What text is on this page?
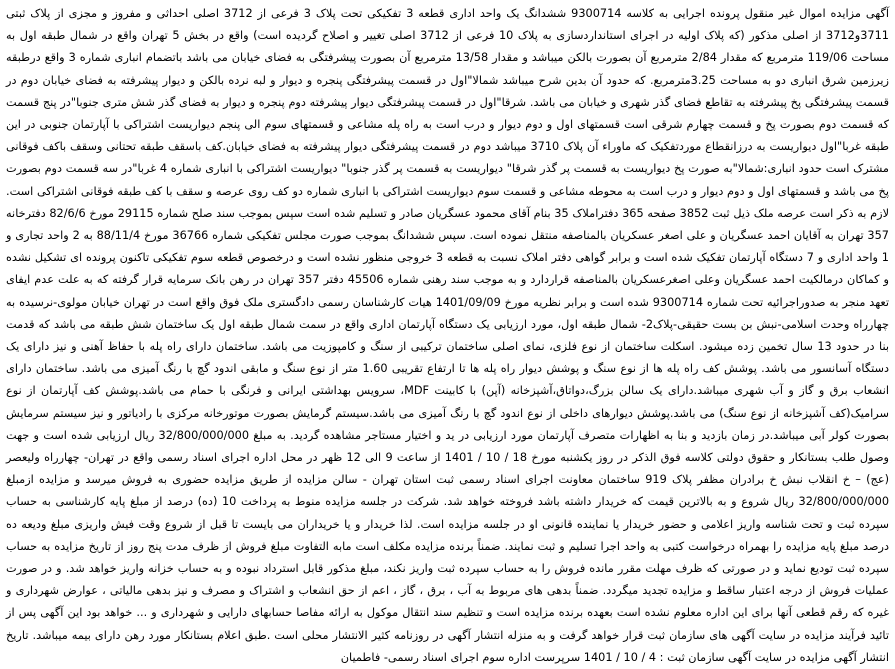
آگهی مزایده اموال غیر منقول پرونده اجرایی به کلاسه 9300714 ششدانگ یک واحد اداری قطعه 3 تفکیکی تحت پلاک 3 فرعی از 3712 اصلی احداثی و مفروز و مجزی از پلاک ثبتی 3711و3712 از اصلی مذکور (که پلاک اولیه در اجرای استانداردسازی به پلاک 10 فرعی از 3712 اصلی تغییر و اصلاح گردیده است) واقع در بخش 5 تهران واقع در شمال طبقه اول به مساحت 119/06 مترمربع که مقدار 2/84 مترمربع آن بصورت بالکن میباشد و مقدار 13/58 مترمربع آن بصورت پیشرفتگی به فضای خیابان می باشد باتضمام انباری شماره 3 واقع درطبقه زیرزمین شرق انباری دو به مساحت 3.25مترمربع. که حدود آن بدین شرح میباشد شمالا"اول در قسمت پیشرفتگی پنجره و دیوار و لبه نرده بالکن و دیوار پیشرفته به فضای خیابان دوم در قسمت پیشرفتگی پخ پیشرفته به تقاطع فضای گذر شهری و خیابان می باشد. شرقا"اول در قسمت پیشرفتگی دیوار پیشرفته دوم پنجره و دیوار به فضای گذر شش متری جنوبا"در پنج قسمت که قسمت دوم بصورت پخ و قسمت چهارم شرقی است قسمتهای اول و دوم دیوار و درب است به راه پله مشاعی و قسمتهای سوم الی پنجم دیواریست اشتراکی با آپارتمان جنوبی در این طبقه غربا"اول دیواریست به درزانقطاع موردتفکیک که ماوراء آن پلاک 3710 میباشد دوم در قسمت پیشرفتگی دیوار پیشرفته به فضای خیابان.کف باسقف طبقه تحتانی وسقف باکف فوقانی مشترک است حدود انباری:شمالا"به صورت پخ دیواریست به قسمت پر گذر شرقا" دیواریست به قسمت پر گذر جنوبا" دیواریست اشتراکی با انباری شماره 4 غربا"در سه قسمت دوم بصورت پخ می باشد و قسمتهای اول و دوم دیوار و درب است به محوطه مشاعی و قسمت سوم دیواریست اشتراکی با انباری شماره دو کف روی عرصه و سقف با کف طبقه فوقانی اشتراکی است. لازم به ذکر است عرصه ملک ذیل ثبت 3852 صفحه 365 دفتراملاک 35 بنام آقای محمود عسگریان صادر و تسلیم شده است سپس بموجب سند صلح شماره 29115 مورخ 82/6/6 دفترخانه 357 تهران به آقایان احمد عسگریان و علی اصغر عسکریان بالمناصفه منتقل نموده است. سپس ششدانگ بموجب صورت مجلس تفکیکی شماره 36766 مورخ 88/11/4 به 2 واحد تجاری و 1 واحد اداری و 7 دستگاه آپارتمان تفکیک شده است و برابر گواهی دفتر املاک نسبت به قطعه 3 خروجی منظور نشده است و درخصوص قطعه سوم تفکیکی تاکنون پرونده ای تشکیل نشده و کماکان درمالکیت احمد عسگریان وعلی اصغرعسکریان بالمناصفه قراردارد و به موجب سند رهنی شماره 45506 دفتر 357 تهران در رهن بانک سرمایه قرار گرفته که به علت عدم ایفای تعهد منجر به صدوراجرائیه تحت شماره 9300714 شده است و برابر نظریه مورخ 1401/09/09 هیات کارشناسان رسمی دادگستری ملک فوق واقع است در تهران خیابان مولوی-نرسیده به چهارراه وحدت اسلامی-نبش بن بست حقیقی-پلاک2- شمال طبقه اول، مورد ارزیابی یک دستگاه آپارتمان اداری واقع در سمت شمال طبقه اول یک ساختمان شش طبقه می باشد که قدمت بنا در حدود 13 سال تخمین زده میشود. اسکلت ساختمان از نوع فلزی، نمای اصلی ساختمان ترکیبی از سنگ و کامپوزیت می باشد. ساختمان دارای راه پله با حفاظ آهنی و نیز دارای یک دستگاه آسانسور می باشد. پوشش کف راه پله ها از نوع سنگ و پوشش دیوار راه پله ها تا ارتفاع تقریبی 1.60 متر از نوع سنگ و مابقی اندود گچ با رنگ آمیزی می باشد. ساختمان دارای انشعاب برق و گاز و آب شهری میباشد.دارای یک سالن بزرگ،دواتاق،آشپزخانه (آپن) با کابینت MDF، سرویس بهداشتی ایرانی و فرنگی با حمام می باشد.پوشش کف آپارتمان از نوع سرامیک(کف آشپزخانه از نوع سنگ) می باشد.پوشش دیوارهای داخلی از نوع اندود گچ با رنگ آمیزی می باشد.سیستم گرمایش بصورت موتورخانه مرکزی با رادیاتور و نیز سیستم سرمایش بصورت کولر آبی میباشد.در زمان بازدید و بنا به اظهارات متصرف آپارتمان مورد ارزیابی در ید و اختیار مستاجر مشاهده گردید. به مبلغ 32/800/000/000 ریال ارزیابی شده است و جهت وصول طلب بستانکار و حقوق دولتی کلاسه فوق الذکر در روز یکشنبه مورخ 18 / 10 / 1401 از ساعت 9 الی 12 ظهر در محل اداره اجرای اسناد رسمی واقع در تهران- چهارراه ولیعصر (عج) – خ انقلاب نبش خ برادران مظفر پلاک 919 ساختمان معاونت اجرای اسناد رسمی ثبت استان تهران - سالن مزایده از طریق مزایده حضوری به فروش میرسد و مزایده ازمبلغ 32/800/000/000 ریال شروع و به بالاترین قیمت که خریدار داشته باشد فروخته خواهد شد. شرکت در جلسه مزایده منوط به پرداخت 10 (ده) درصد از مبلغ پایه کارشناسی به حساب سپرده ثبت و تحت شناسه واریز اعلامی و حضور خریدار یا نماینده قانونی او در جلسه مزایده است. لذا خریدار و یا خریداران می بایست تا قبل از شروع وقت فیش واریزی مبلغ ودیعه ده درصد مبلغ پایه مزایده را بهمراه درخواست کتبی به واحد اجرا تسلیم و ثبت نمایند. ضمناً برنده مزایده مکلف است مابه التفاوت مبلغ فروش از ظرف مدت پنج روز از تاریخ مزایده به حساب سپرده ثبت تودیع نماید و در صورتی که ظرف مهلت مقرر مانده فروش را به حساب سپرده ثبت واریز نکند، مبلغ مذکور قابل استرداد نبوده و به حساب خزانه واریز خواهد شد. و در صورت عملیات فروش از درجه اعتبار ساقط و مزایده تجدید میگردد. ضمناً بدهی های مربوط به آب ، برق ، گاز ، اعم از حق انشعاب و اشتراک و مصرف و نیز بدهی مالیاتی ، عوارض شهرداری و غیره که رقم قطعی آنها برای این اداره معلوم نشده است بعهده برنده مزایده است و تنظیم سند انتقال موکول به ارائه مفاصا حسابهای دارایی و شهرداری و ... خواهد بود این آگهی پس از تائید فرآیند مزایده در سایت آگهی های سازمان ثبت قرار خواهد گرفت و به منزله انتشار آگهی در روزنامه کثیر الانتشار محلی است .طبق اعلام بستانکار مورد رهن دارای بیمه میباشد. تاریخ انتشار آگهی مزایده در سایت آگهی سازمان ثبت : 4 / 10 / 1401 سرپرست اداره سوم اجرای اسناد رسمی- فاطمیان
